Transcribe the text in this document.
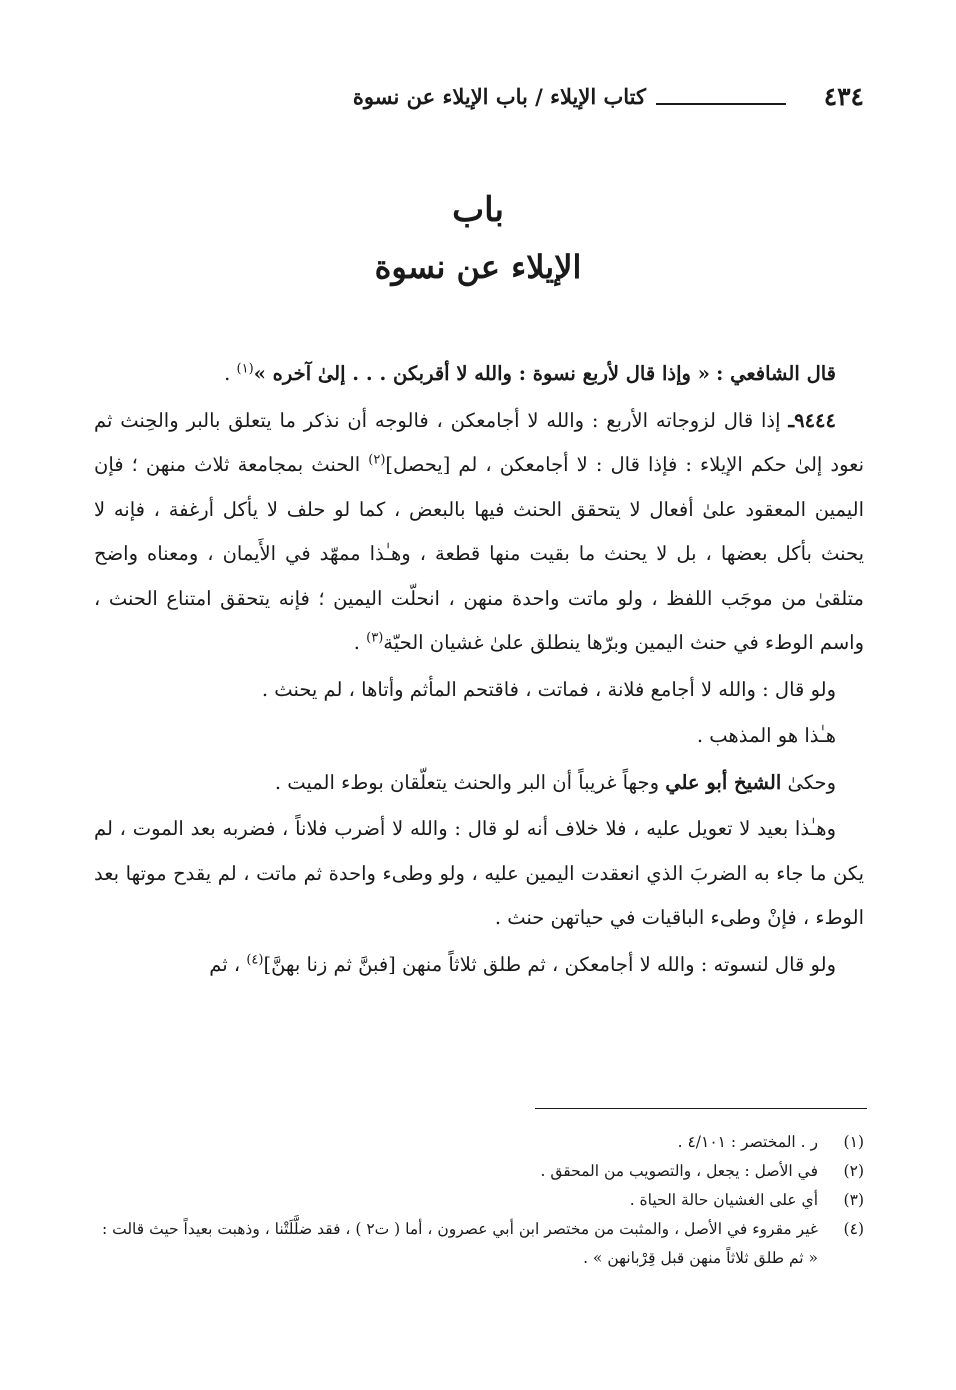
٤٣٤
كتاب الإيلاء / باب الإيلاء عن نسوة
باب
الإيلاء عن نسوة

قال الشافعي : « وإذا قال لأربع نسوة : والله لا أقربكن . . . إلىٰ آخره »$^{(١)}$ .

٩٤٤٤ـ إذا قال لزوجاته الأربع : والله لا أجامعكن ، فالوجه أن نذكر ما يتعلق بالبر والحِنث ثم نعود إلىٰ حكم الإيلاء : فإذا قال : لا أجامعكن ، لم [يحصل]$^{(٢)}$ الحنث بمجامعة ثلاث منهن ؛ فإن اليمين المعقود علىٰ أفعال لا يتحقق الحنث فيها بالبعض ، كما لو حلف لا يأكل أرغفة ، فإنه لا يحنث بأكل بعضها ، بل لا يحنث ما بقيت منها قطعة ، وهـٰذا ممهّد في الأَيمان ، ومعناه واضح متلقىٰ من موجَب اللفظ ، ولو ماتت واحدة منهن ، انحلّت اليمين ؛ فإنه يتحقق امتناع الحنث ، واسم الوطء في حنث اليمين وبرّها ينطلق علىٰ غشيان الحيّة$^{(٣)}$ .

ولو قال : والله لا أجامع فلانة ، فماتت ، فاقتحم المأثم وأتاها ، لم يحنث .

هـٰذا هو المذهب .

وحكىٰ الشيخ أبو علي وجهاً غريباً أن البر والحنث يتعلّقان بوطء الميت .

وهـٰذا بعيد لا تعويل عليه ، فلا خلاف أنه لو قال : والله لا أضرب فلاناً ، فضربه بعد الموت ، لم يكن ما جاء به الضربَ الذي انعقدت اليمين عليه ، ولو وطىء واحدة ثم ماتت ، لم يقدح موتها بعد الوطء ، فإنْ وطىء الباقيات في حياتهن حنث .

ولو قال لنسوته : والله لا أجامعكن ، ثم طلق ثلاثاً منهن [فبنَّ ثم زنا بهنَّ]$^{(٤)}$ ، ثم

(١)
ر . المختصر : ٤/١٠١ .
(٢)
في الأصل : يجعل ، والتصويب من المحقق .
(٣)
أي على الغشيان حالة الحياة .
(٤)
غير مقروء في الأصل ، والمثبت من مختصر ابن أبي عصرون ، أما ( ت٢ ) ، فقد ضلَّلَتْنا ، وذهبت بعيداً حيث قالت : « ثم طلق ثلاثاً منهن قبل قِرْبانهن » .
